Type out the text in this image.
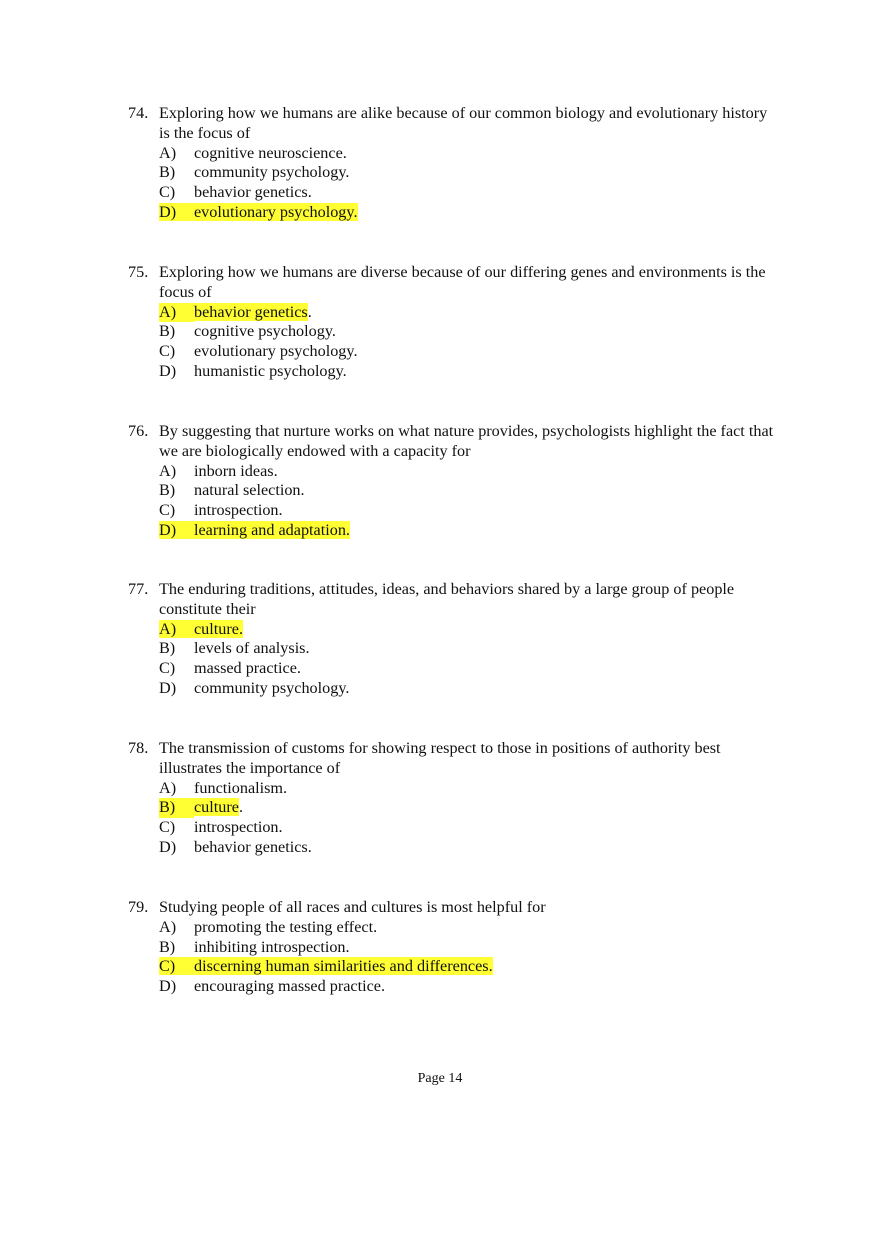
74. Exploring how we humans are alike because of our common biology and evolutionary history is the focus of
A) cognitive neuroscience.
B) community psychology.
C) behavior genetics.
D) evolutionary psychology.
75. Exploring how we humans are diverse because of our differing genes and environments is the focus of
A) behavior genetics.
B) cognitive psychology.
C) evolutionary psychology.
D) humanistic psychology.
76. By suggesting that nurture works on what nature provides, psychologists highlight the fact that we are biologically endowed with a capacity for
A) inborn ideas.
B) natural selection.
C) introspection.
D) learning and adaptation.
77. The enduring traditions, attitudes, ideas, and behaviors shared by a large group of people constitute their
A) culture.
B) levels of analysis.
C) massed practice.
D) community psychology.
78. The transmission of customs for showing respect to those in positions of authority best illustrates the importance of
A) functionalism.
B) culture.
C) introspection.
D) behavior genetics.
79. Studying people of all races and cultures is most helpful for
A) promoting the testing effect.
B) inhibiting introspection.
C) discerning human similarities and differences.
D) encouraging massed practice.
Page 14
